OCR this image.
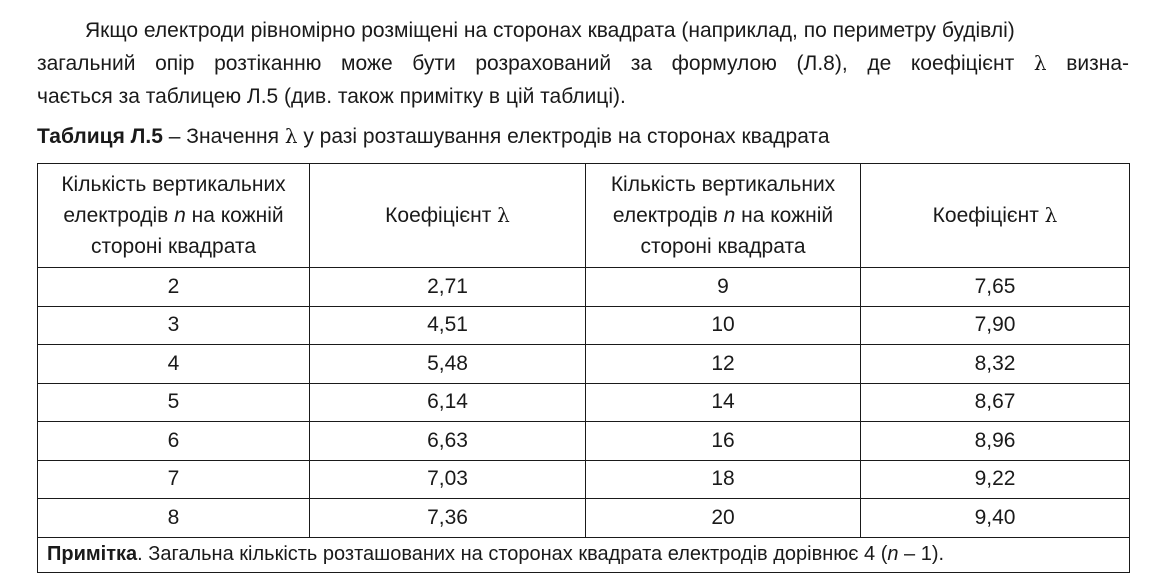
Якщо електроди рівномірно розміщені на сторонах квадрата (наприклад, по периметру будівлі)
загальний опір розтіканню може бути розрахований за формулою (Л.8), де коефіцієнт λ визна-
чається за таблицею Л.5 (див. також примітку в цій таблиці).
Таблиця Л.5 – Значення λ у разі розташування електродів на сторонах квадрата
Кількість вертикальних
електродів n на кожній
стороні квадрата	Коефіцієнт λ	Кількість вертикальних
електродів n на кожній
стороні квадрата	Коефіцієнт λ
2	2,71	9	7,65
3	4,51	10	7,90
4	5,48	12	8,32
5	6,14	14	8,67
6	6,63	16	8,96
7	7,03	18	9,22
8	7,36	20	9,40
Примітка. Загальна кількість розташованих на сторонах квадрата електродів дорівнює 4 (n – 1).			
